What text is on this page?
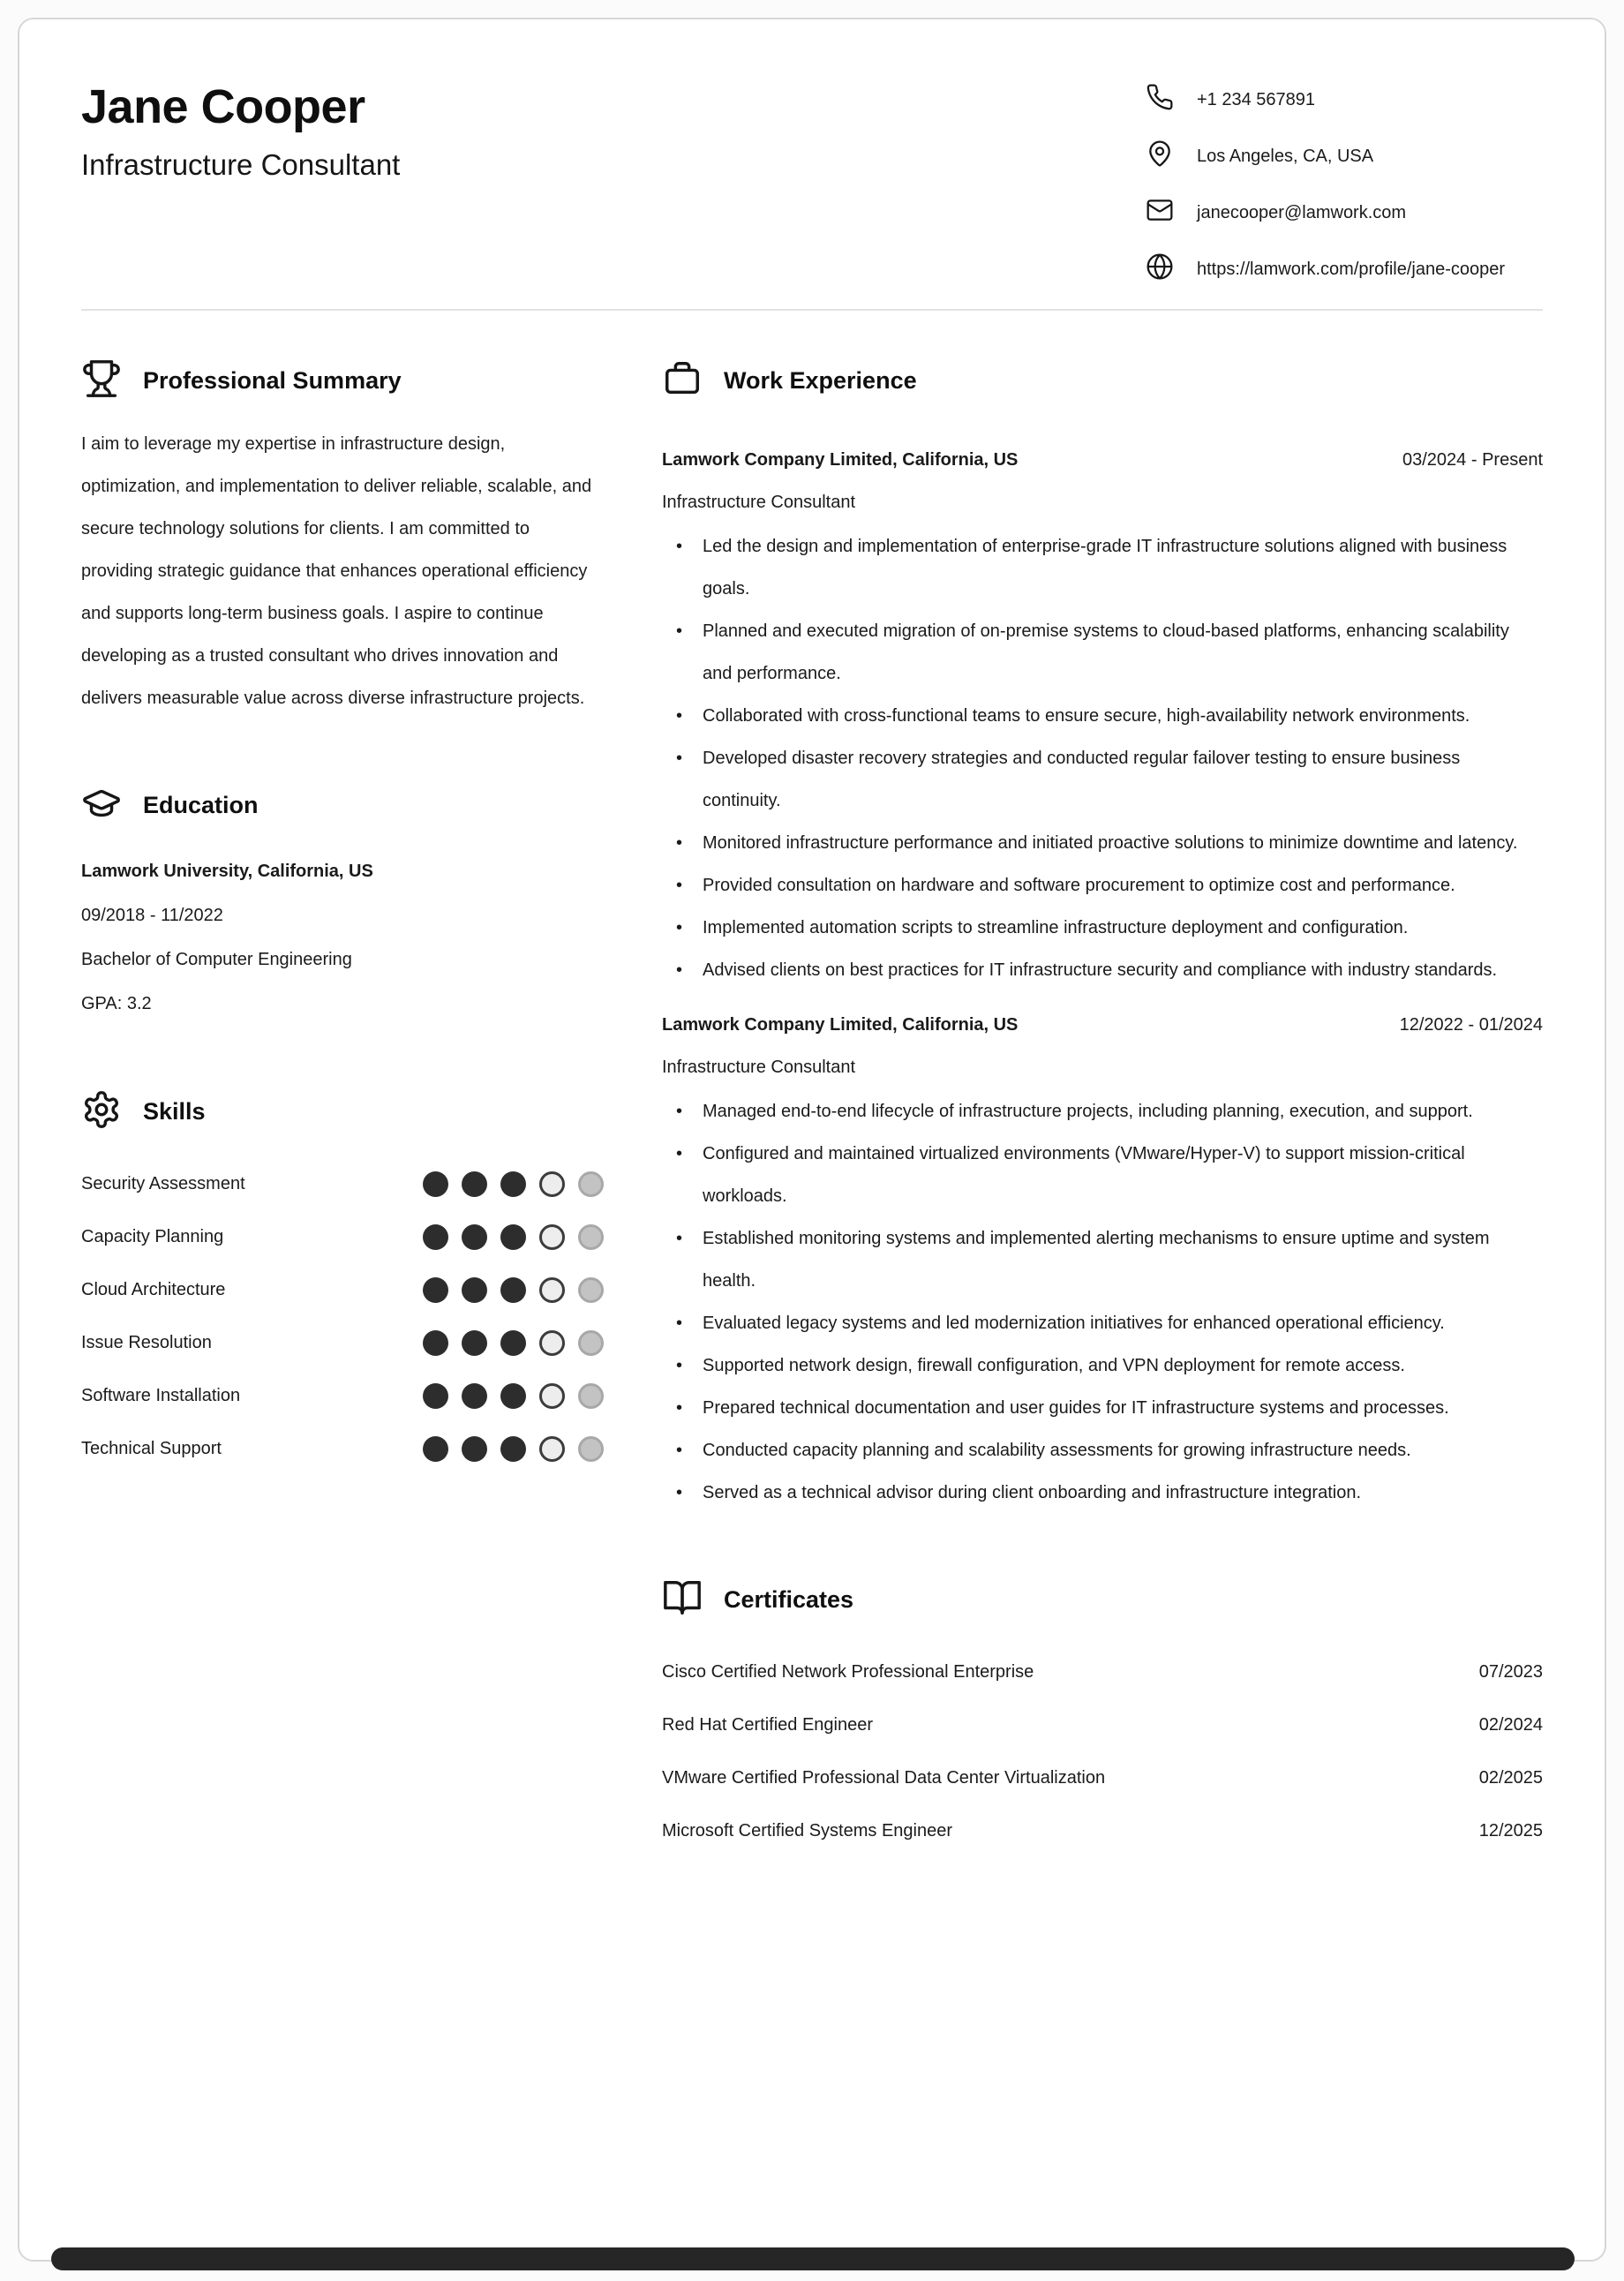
Jane Cooper
Infrastructure Consultant
+1 234 567891
Los Angeles, CA, USA
janecooper@lamwork.com
https://lamwork.com/profile/jane-cooper
Professional Summary

I aim to leverage my expertise in infrastructure design, optimization, and implementation to deliver reliable, scalable, and secure technology solutions for clients. I am committed to providing strategic guidance that enhances operational efficiency and supports long-term business goals. I aspire to continue developing as a trusted consultant who drives innovation and delivers measurable value across diverse infrastructure projects.

Education

Lamwork University, California, US

09/2018 - 11/2022

Bachelor of Computer Engineering

GPA: 3.2

Skills
Security Assessment
Capacity Planning
Cloud Architecture
Issue Resolution
Software Installation
Technical Support
Work Experience
Lamwork Company Limited, California, US	03/2024 - Present
Infrastructure Consultant
• Led the design and implementation of enterprise-grade IT infrastructure solutions aligned with business goals.
• Planned and executed migration of on-premise systems to cloud-based platforms, enhancing scalability and performance.
• Collaborated with cross-functional teams to ensure secure, high-availability network environments.
• Developed disaster recovery strategies and conducted regular failover testing to ensure business continuity.
• Monitored infrastructure performance and initiated proactive solutions to minimize downtime and latency.
• Provided consultation on hardware and software procurement to optimize cost and performance.
• Implemented automation scripts to streamline infrastructure deployment and configuration.
• Advised clients on best practices for IT infrastructure security and compliance with industry standards.
Lamwork Company Limited, California, US	12/2022 - 01/2024
Infrastructure Consultant
• Managed end-to-end lifecycle of infrastructure projects, including planning, execution, and support.
• Configured and maintained virtualized environments (VMware/Hyper-V) to support mission-critical workloads.
• Established monitoring systems and implemented alerting mechanisms to ensure uptime and system health.
• Evaluated legacy systems and led modernization initiatives for enhanced operational efficiency.
• Supported network design, firewall configuration, and VPN deployment for remote access.
• Prepared technical documentation and user guides for IT infrastructure systems and processes.
• Conducted capacity planning and scalability assessments for growing infrastructure needs.
• Served as a technical advisor during client onboarding and infrastructure integration.
Certificates
Cisco Certified Network Professional Enterprise	07/2023
Red Hat Certified Engineer	02/2024
VMware Certified Professional Data Center Virtualization	02/2025
Microsoft Certified Systems Engineer	12/2025
